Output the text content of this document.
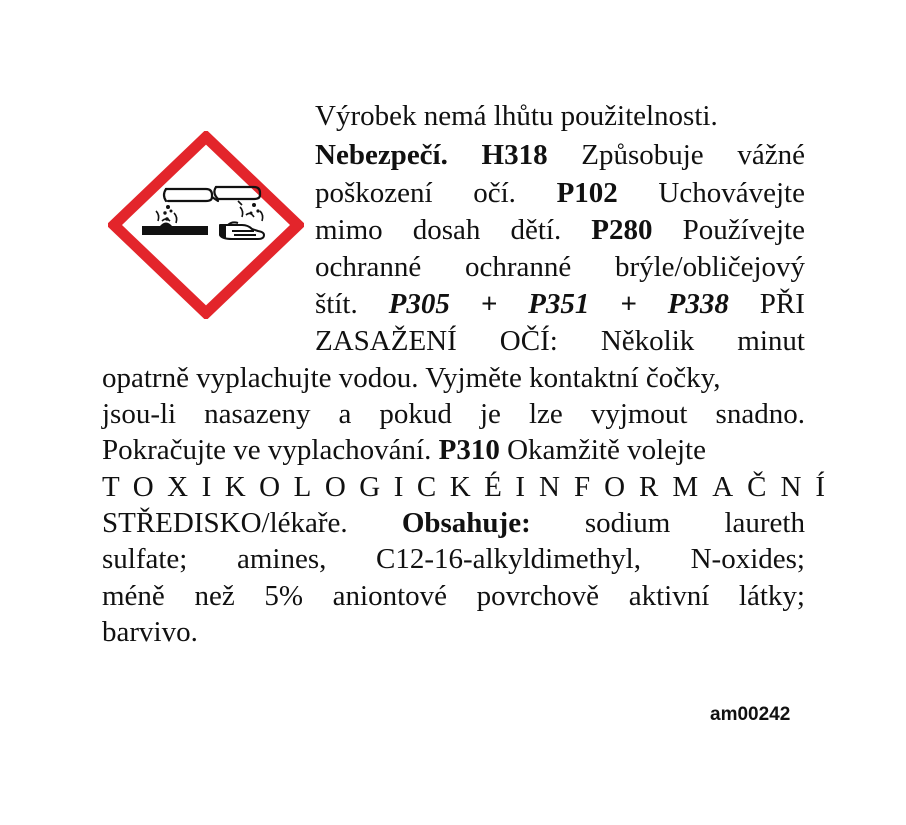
Výrobek nemá lhůtu použitelnosti.
Nebezpečí. H318 Způsobuje vážné
poškození očí. P102 Uchovávejte
mimo dosah dětí. P280 Používejte
ochranné ochranné brýle/obličejový
štít. P305 + P351 + P338 PŘI
ZASAŽENÍ OČÍ: Několik minut
opatrně vyplachujte vodou. Vyjměte kontaktní čočky,
jsou-li nasazeny a pokud je lze vyjmout snadno.
Pokračujte ve vyplachování. P310 Okamžitě volejte
TOXIKOLOGICKÉ INFORMAČNÍ
STŘEDISKO/lékaře. Obsahuje: sodium laureth
sulfate; amines, C12-16-alkyldimethyl, N-oxides;
méně než 5% aniontové povrchově aktivní látky;
barvivo.
am00242
